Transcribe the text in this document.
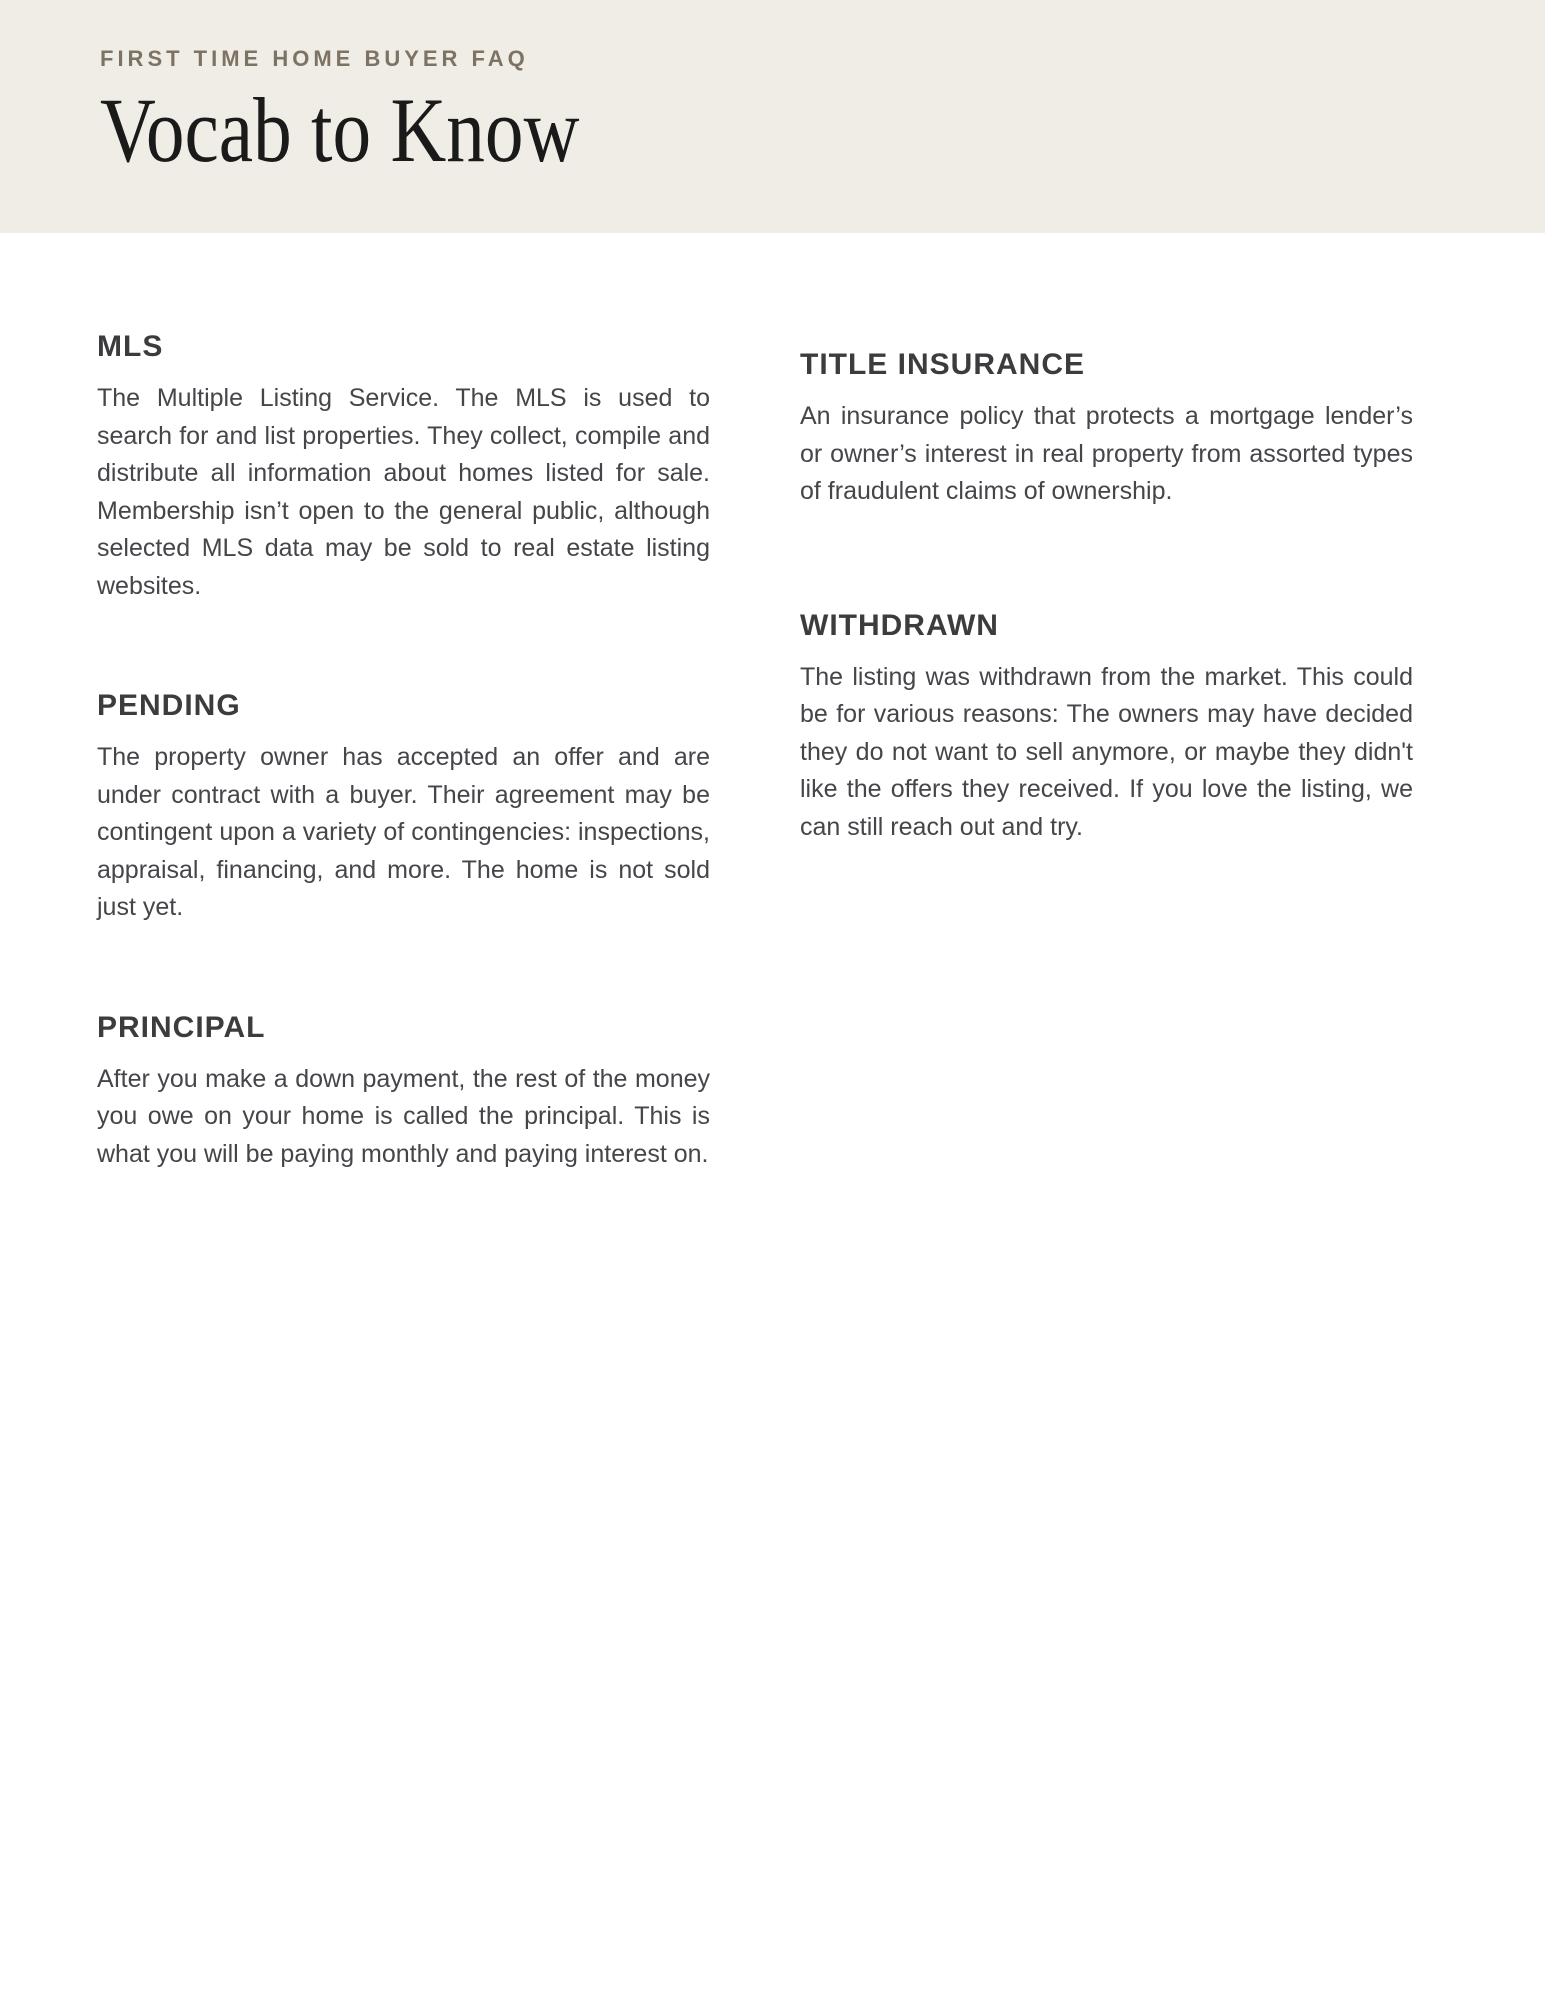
FIRST TIME HOME BUYER FAQ
Vocab to Know
MLS

The Multiple Listing Service. The MLS is used to search for and list properties. They collect, compile and distribute all information about homes listed for sale. Membership isn’t open to the general public, although selected MLS data may be sold to real estate listing websites.

PENDING

The property owner has accepted an offer and are under contract with a buyer. Their agreement may be contingent upon a variety of contingencies: inspections, appraisal, financing, and more. The home is not sold just yet.

PRINCIPAL

After you make a down payment, the rest of the money you owe on your home is called the principal. This is what you will be paying monthly and paying interest on.

TITLE INSURANCE

An insurance policy that protects a mortgage lender’s or owner’s interest in real property from assorted types of fraudulent claims of ownership.

WITHDRAWN

The listing was withdrawn from the market. This could be for various reasons: The owners may have decided they do not want to sell anymore, or maybe they didn't like the offers they received. If you love the listing, we can still reach out and try.
